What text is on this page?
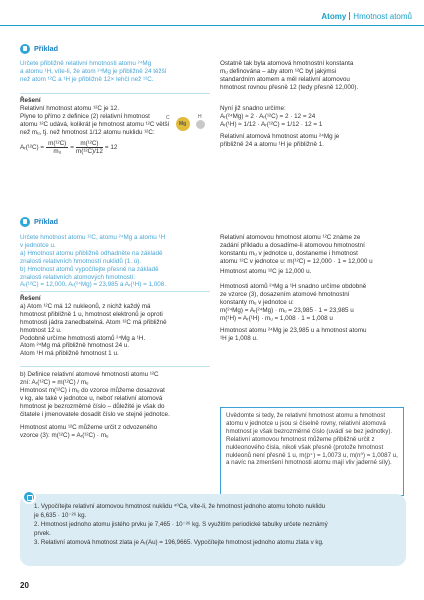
Atomy Hmotnost atomů
Příklad
Určete přibližně relativní hmotnosti atomu ²⁴Mg
a atomu ¹H, víte-li, že atom ²⁴Mg je přibližně 24 těžší
než atom ¹²C a ¹H je přibližně 12× lehčí než ¹²C.
Ostatně tak byla atomová hmotnostní konstanta
mᵤ definována – aby atom ¹²C byl jakýmsi
standardním atomem a měl relativní atomovou
hmotnost rovnou přesně 12 (tedy přesně 12,000).
Řešení
Relativní hmotnost atomu ¹²C je 12.
Plyne to přímo z definice (2) relativní hmotnost
atomu ¹²C udává, kolikrát je hmotnost atomu ¹²C větší
než mᵤ, tj. než hmotnost 1/12 atomu nuklidu ¹²C:
Aᵣ(¹²C) = $\frac{\text{m(¹²C)}}{\text{mᵤ}} = \frac{\text{m(¹²C)}}{\text{m(¹²C)/12}} = 12$
C
Mg
H
Nyní již snadno určíme:
Aᵣ(²⁴Mg) ≈ 2 · Aᵣ(¹²C) = 2 · 12 = 24
Aᵣ(¹H) ≈ 1/12 · Aᵣ(¹²C) = 1/12 · 12 = 1
Relativní atomová hmotnost atomu ²⁴Mg je
přibližně 24 a atomu ¹H je přibližně 1.
Příklad
Určete hmotnost atomu ¹²C, atomu ²⁴Mg a atomu ¹H
v jednotce u.
a) Hmotnost atomu přibližně odhadněte na základě
znalosti relativních hmotností nuklidů (1. ú).
b) Hmotnost atomů vypočítejte přesně na základě
znalosti relativních atomových hmotností:
Aᵣ(¹²C) = 12,000, Aᵣ(²⁴Mg) = 23,985 a Aᵣ(¹H) = 1,008.
Relativní atomovou hmotnost atomu ¹²C známe ze
zadání příkladu a dosadíme-li atomovou hmotnostní
konstantu mᵤ v jednotce u, dostaneme i hmotnost
atomu ¹²C v jednotce u: m(¹²C) = 12,000 · 1 = 12,000 u
Řešení
a) Atom ¹²C má 12 nukleonů, z nichž každý má
hmotnost přibližně 1 u, hmotnost elektronů je oproti
hmotnosti jádra zanedbatelná. Atom ¹²C má přibližně
hmotnost 12 u.
Podobně určíme hmotnosti atomů ²⁴Mg a ¹H.
Atom ²⁴Mg má přibližně hmotnost 24 u.
Atom ¹H má přibližně hmotnost 1 u.
b) Definice relativní atomové hmotnosti atomu ¹²C
zní: Aᵣ(¹²C) = m(¹²C) / mᵤ
Hmotnost m(¹²C) i mᵤ do vzorce můžeme dosazovat
v kg, ale také v jednotce u, neboť relativní atomová
hmotnost je bezrozměrné číslo – důležité je však do
čitatele i jmenovatele dosadit číslo ve stejné jednotce.
Hmotnost atomu ¹²C můžeme určit z odvozeného
vzorce (3): m(¹²C) = Aᵣ(¹²C) · mᵤ
Hmotnost atomu ¹²C je 12,000 u.
Hmotnosti atomů ²⁴Mg a ¹H snadno určíme obdobně
ze vzorce (3), dosazením atomové hmotnostní
konstanty mᵤ v jednotce u:
m(²⁴Mg) = Aᵣ(²⁴Mg) · mᵤ = 23,985 · 1 = 23,985 u
m(¹H) = Aᵣ(¹H) · mᵤ = 1,008 · 1 = 1,008 u
Hmotnost atomu ²⁴Mg je 23,985 u a hmotnost atomu
¹H je 1,008 u.
Uvědomte si tedy, že relativní hmotnost atomu a hmotnost atomu v jednotce u jsou si číselně rovny, relativní atomová hmotnost je však bezrozměrné číslo (uvádí se bez jednotky). Relativní atomovou hmotnost můžeme přibližně určit z nukleonového čísla, nikoli však přesně (protože hmotnost nukleonů není přesně 1 u, m(p⁺) = 1,0073 u, m(n⁰) = 1,0087 u, a navíc na zmenšení hmotnosti atomu mají vliv jaderné síly).
1. Vypočítejte relativní atomovou hmotnost nuklidu ⁴⁰Ca, víte-li, že hmotnost jednoho atomu tohoto nuklidu
je 6,635 · 10⁻²⁶ kg.
2. Hmotnost jednoho atomu jistého prvku je 7,465 · 10⁻²⁶ kg. S využitím periodické tabulky určete neznámý
prvek.
3. Relativní atomová hmotnost zlata je Aᵣ(Au) = 196,9665. Vypočítejte hmotnost jednoho atomu zlata v kg.
20
